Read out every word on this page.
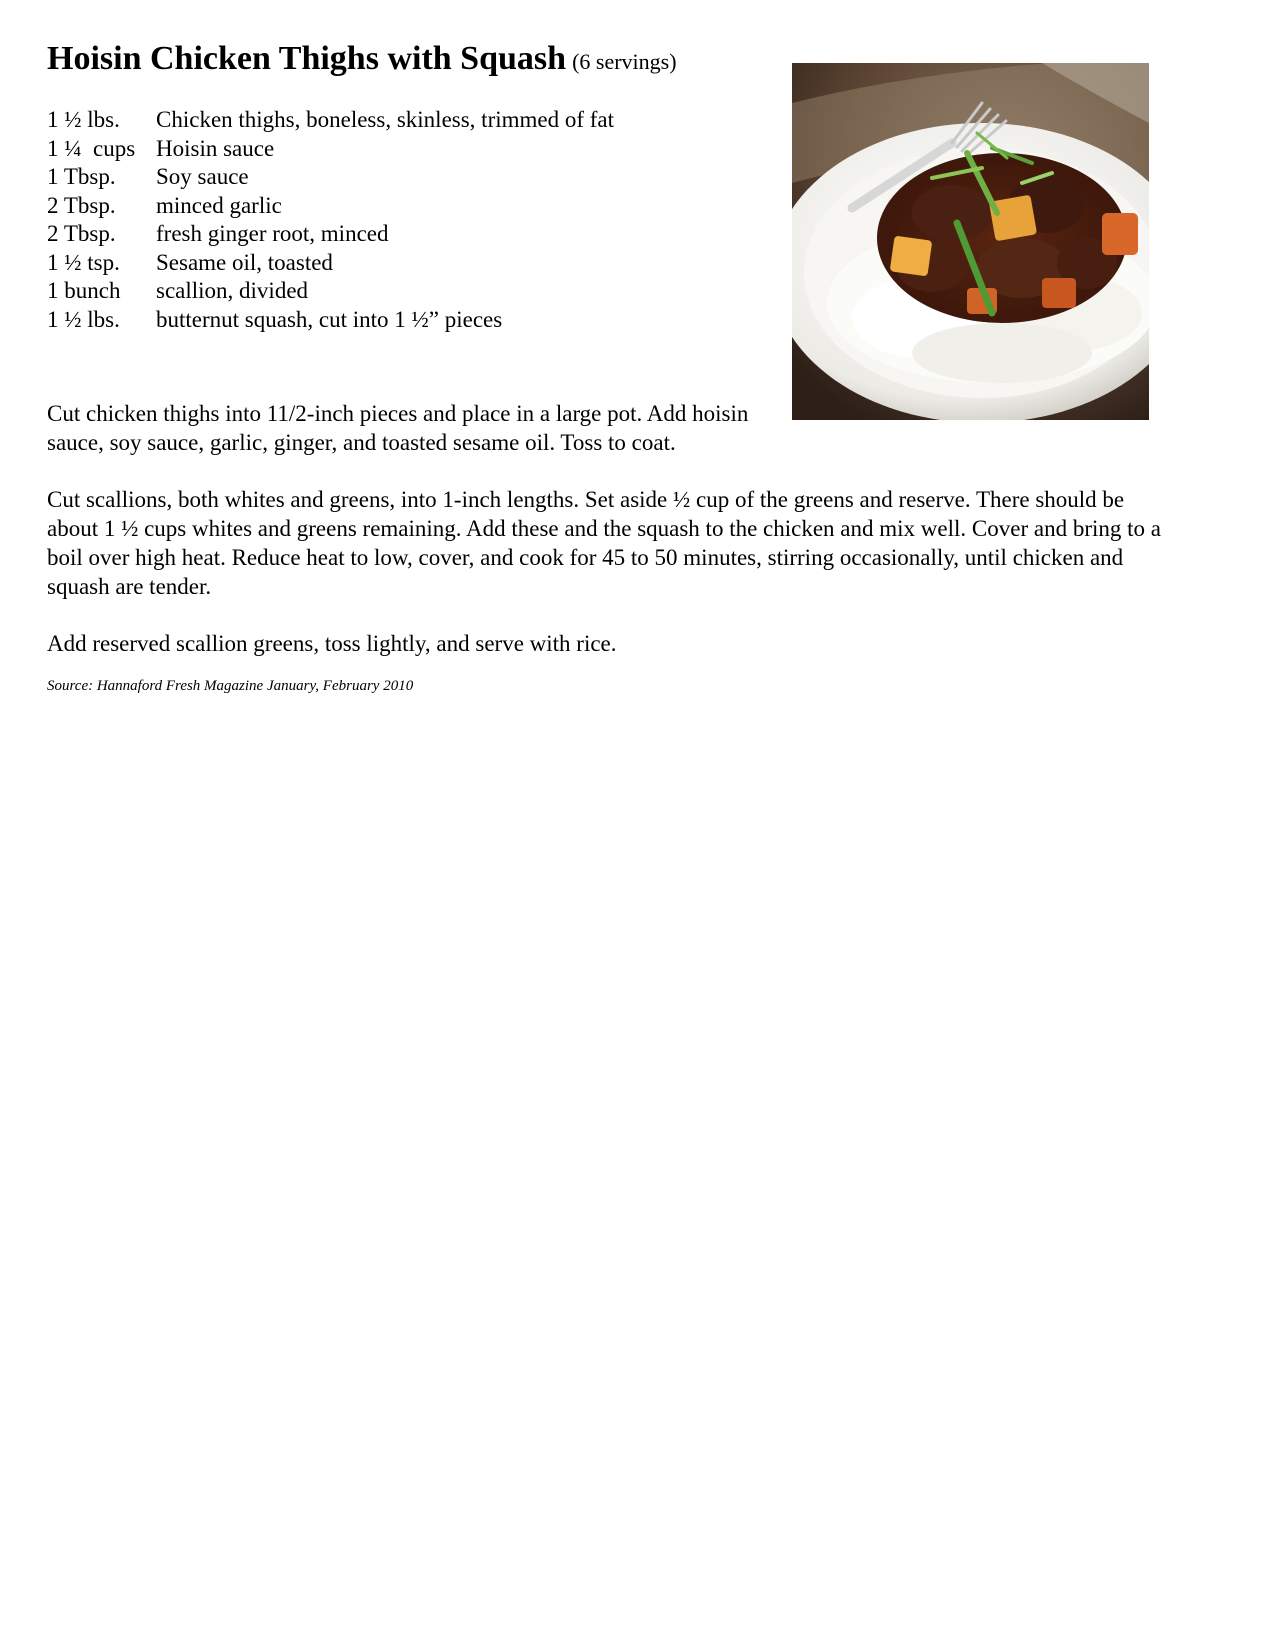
Hoisin Chicken Thighs with Squash (6 servings)
1 ½ lbs.	Chicken thighs, boneless, skinless, trimmed of fat
1 ¼  cups Hoisin sauce
1 Tbsp.	Soy sauce
2 Tbsp.	minced garlic
2 Tbsp.	fresh ginger root, minced
1 ½ tsp.	Sesame oil, toasted
1 bunch	scallion, divided
1 ½ lbs.	butternut squash, cut into 1 ½” pieces

Cut chicken thighs into 11/2-inch pieces and place in a large pot. Add hoisin sauce, soy sauce, garlic, ginger, and toasted sesame oil. Toss to coat.

Cut scallions, both whites and greens, into 1-inch lengths. Set aside ½ cup of the greens and reserve. There should be about 1 ½ cups whites and greens remaining. Add these and the squash to the chicken and mix well. Cover and bring to a boil over high heat. Reduce heat to low, cover, and cook for 45 to 50 minutes, stirring occasionally, until chicken and squash are tender.

Add reserved scallion greens, toss lightly, and serve with rice.

Source: Hannaford Fresh Magazine January, February 2010
